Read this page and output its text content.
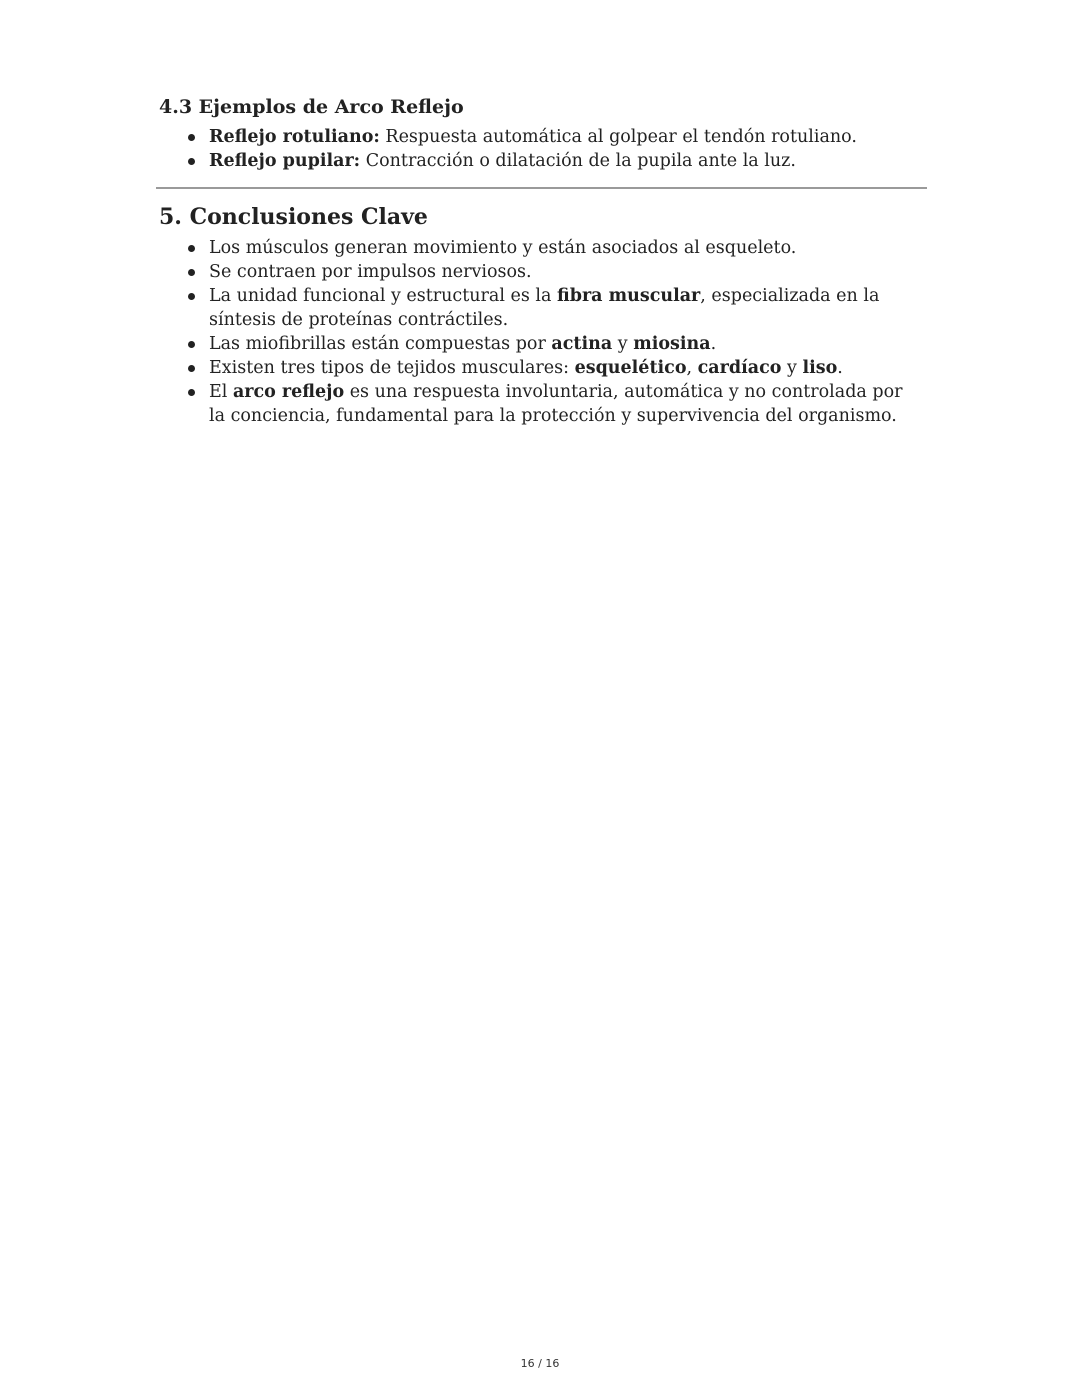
4.3 Ejemplos de Arco Reflejo
Reflejo rotuliano: Respuesta automática al golpear el tendón rotuliano.
Reflejo pupilar: Contracción o dilatación de la pupila ante la luz.
5. Conclusiones Clave
Los músculos generan movimiento y están asociados al esqueleto.
Se contraen por impulsos nerviosos.
La unidad funcional y estructural es la fibra muscular, especializada en la síntesis de proteínas contráctiles.
Las miofibrillas están compuestas por actina y miosina.
Existen tres tipos de tejidos musculares: esquelético, cardíaco y liso.
El arco reflejo es una respuesta involuntaria, automática y no controlada por la conciencia, fundamental para la protección y supervivencia del organismo.
16 / 16
